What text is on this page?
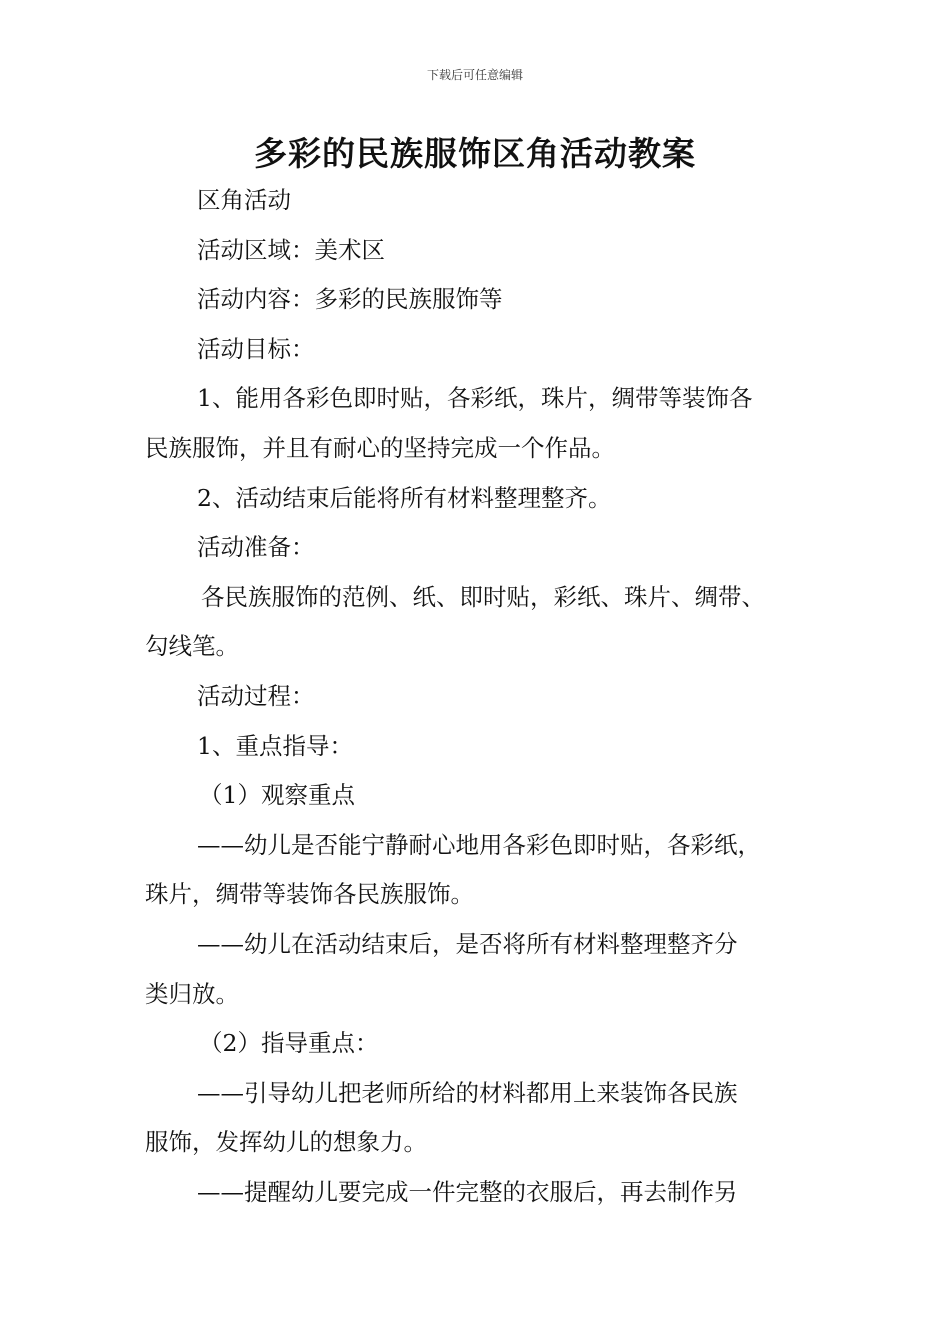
下载后可任意编辑
多彩的民族服饰区角活动教案

区角活动

活动区域：美术区

活动内容：多彩的民族服饰等

活动目标：

1、能用各彩色即时贴，各彩纸，珠片，绸带等装饰各

民族服饰，并且有耐心的坚持完成一个作品。

2、活动结束后能将所有材料整理整齐。

活动准备：

各民族服饰的范例、纸、即时贴，彩纸、珠片、绸带、

勾线笔。

活动过程：

1、重点指导：

（1）观察重点

——幼儿是否能宁静耐心地用各彩色即时贴，各彩纸，

珠片，绸带等装饰各民族服饰。

——幼儿在活动结束后，是否将所有材料整理整齐分

类归放。

（2）指导重点：

——引导幼儿把老师所给的材料都用上来装饰各民族

服饰，发挥幼儿的想象力。

——提醒幼儿要完成一件完整的衣服后，再去制作另
